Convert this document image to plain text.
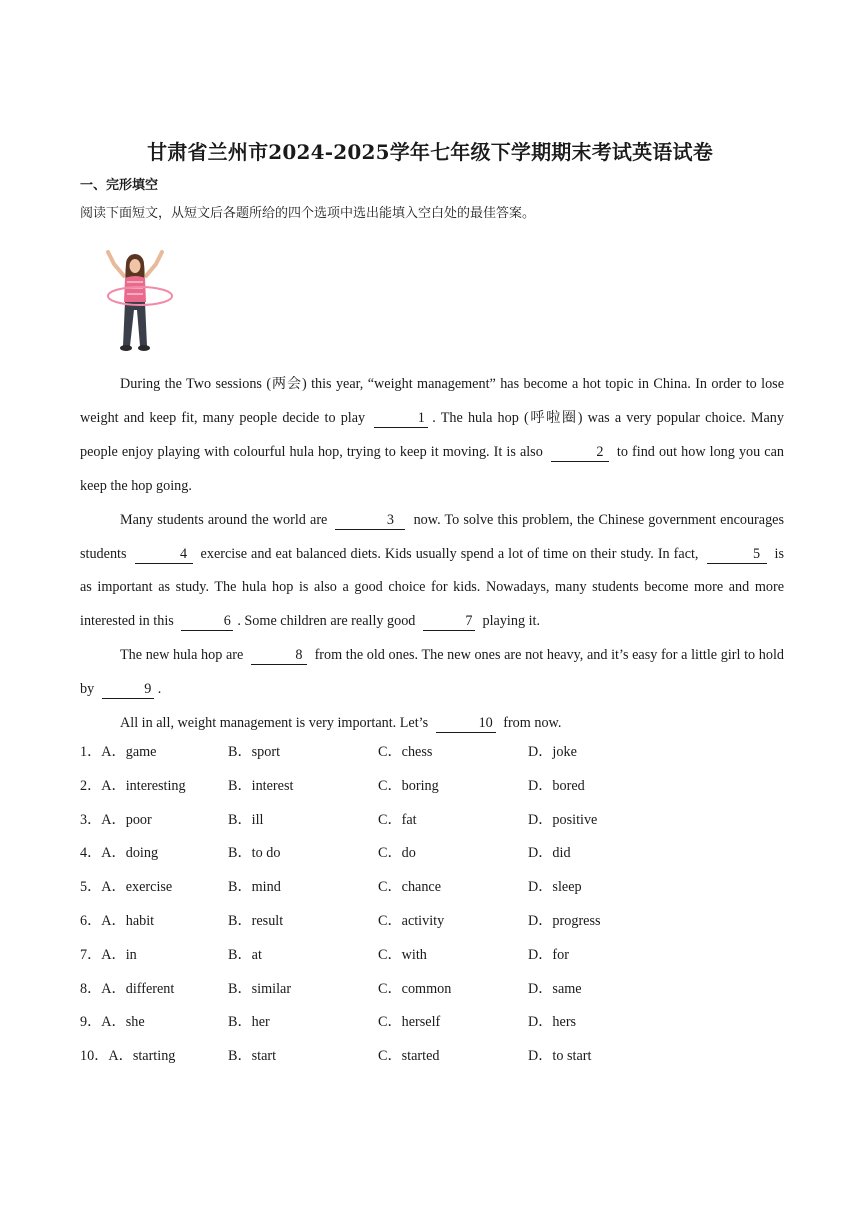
甘肃省兰州市2024-2025学年七年级下学期期末考试英语试卷
一、完形填空
阅读下面短文，从短文后各题所给的四个选项中选出能填入空白处的最佳答案。

During the Two sessions (两会) this year, “weight management” has become a hot topic in China. In order to lose weight and keep fit, many people decide to play	1 . The hula hop (呼啦圈) was a very popular choice. Many people enjoy playing with colourful hula hop, trying to keep it moving. It is also	2 to find out how long you can keep the hop going.

Many students around the world are	3 now. To solve this problem, the Chinese government encourages students	4 exercise and eat balanced diets. Kids usually spend a lot of time on their study. In fact,	5 is as important as study. The hula hop is also a good choice for kids. Nowadays, many students become more and more interested in this	6 . Some children are really good	7 playing it.

The new hula hop are	8 from the old ones. The new ones are not heavy, and it’s easy for a little girl to hold by	9 .

All in all, weight management is very important. Let’s	10 from now.

1．A．game	B．sport	C．chess	D．joke
2．A．interesting	B．interest	C．boring	D．bored
3．A．poor	B．ill	C．fat	D．positive
4．A．doing	B．to do	C．do	D．did
5．A．exercise	B．mind	C．chance	D．sleep
6．A．habit	B．result	C．activity	D．progress
7．A．in	B．at	C．with	D．for
8．A．different	B．similar	C．common	D．same
9．A．she	B．her	C．herself	D．hers
10．A．starting	B．start	C．started	D．to start
